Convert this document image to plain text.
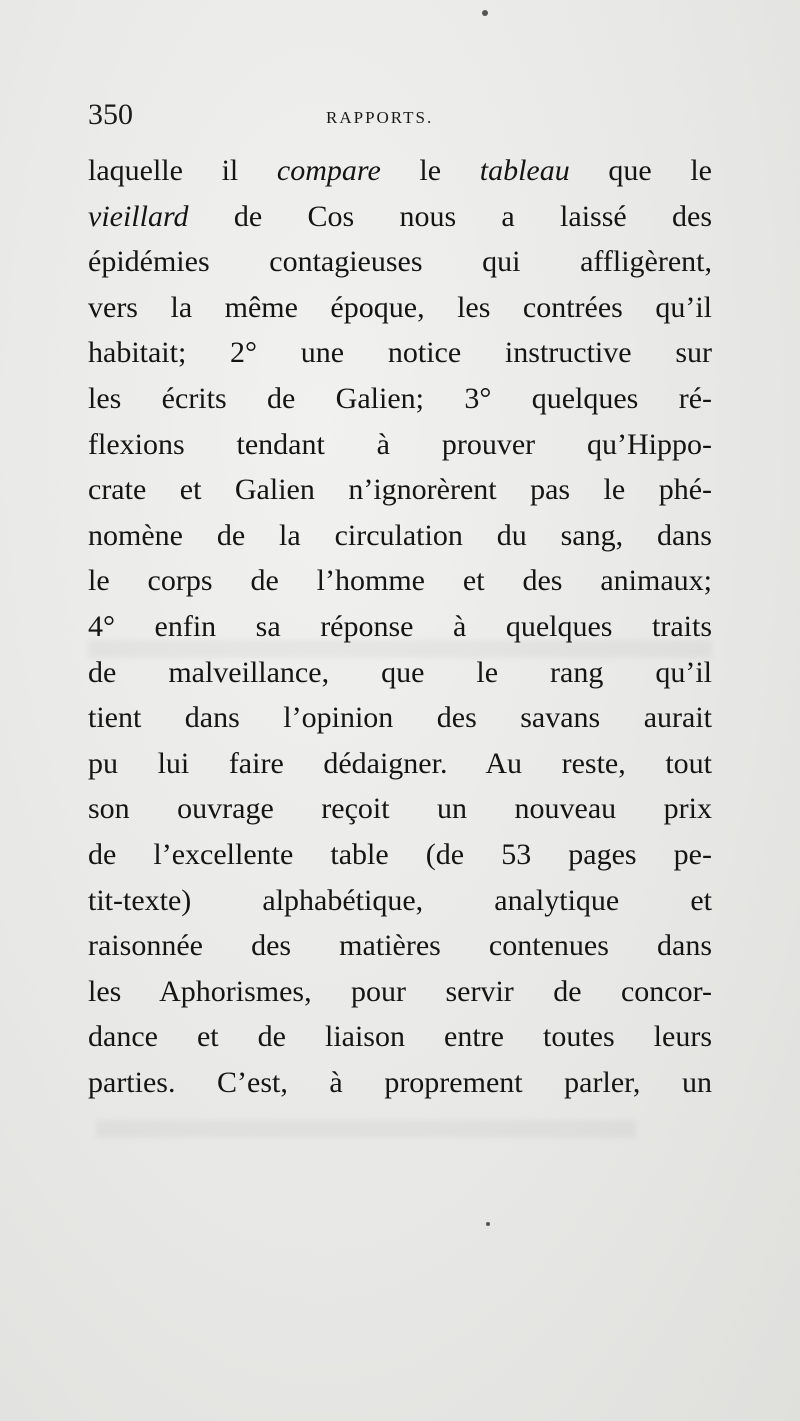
350	RAPPORTS.
laquelle il compare le tableau que le
vieillard de Cos nous a laissé des
épidémies contagieuses qui affligèrent,
vers la même époque, les contrées qu’il
habitait; 2° une notice instructive sur
les écrits de Galien; 3° quelques ré-
flexions tendant à prouver qu’Hippo-
crate et Galien n’ignorèrent pas le phé-
nomène de la circulation du sang, dans
le corps de l’homme et des animaux;
4° enfin sa réponse à quelques traits
de malveillance, que le rang qu’il
tient dans l’opinion des savans aurait
pu lui faire dédaigner. Au reste, tout
son ouvrage reçoit un nouveau prix
de l’excellente table (de 53 pages pe-
tit-texte) alphabétique, analytique et
raisonnée des matières contenues dans
les Aphorismes, pour servir de concor-
dance et de liaison entre toutes leurs
parties. C’est, à proprement parler, un
